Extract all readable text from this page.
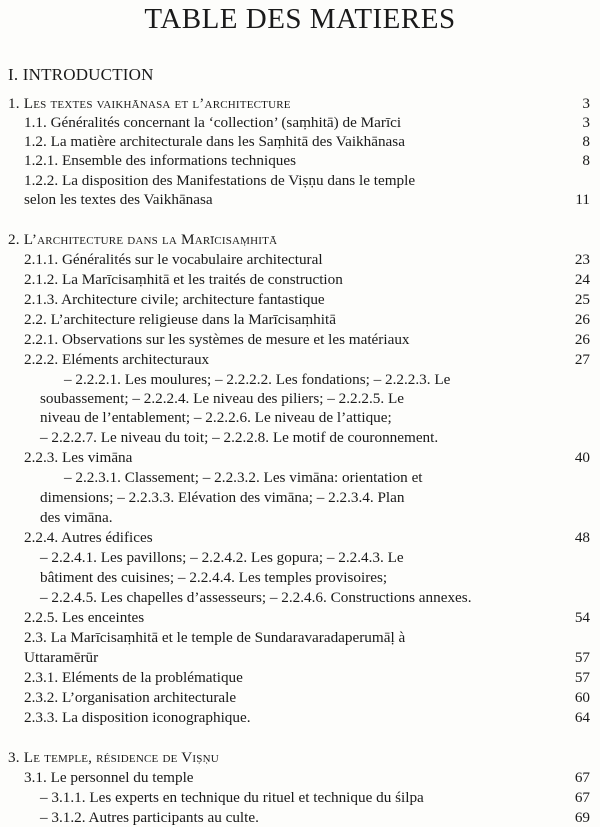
TABLE DES MATIERES
I. INTRODUCTION
1. Les textes vaikhānasa et l’architecture	3
1.1. Généralités concernant la ‘collection’ (saṃhitā) de Marīci	3
1.2. La matière architecturale dans les Saṃhitā des Vaikhānasa	8
1.2.1. Ensemble des informations techniques	8
1.2.2. La disposition des Manifestations de Viṣṇu dans le temple
selon les textes des Vaikhānasa	11
2. L’architecture dans la Marīcisaṃhitā
2.1.1. Généralités sur le vocabulaire architectural	23
2.1.2. La Marīcisaṃhitā et les traités de construction	24
2.1.3. Architecture civile; architecture fantastique	25
2.2. L’architecture religieuse dans la Marīcisaṃhitā	26
2.2.1. Observations sur les systèmes de mesure et les matériaux	26
2.2.2. Eléments architecturaux	27
– 2.2.2.1. Les moulures; – 2.2.2.2. Les fondations; – 2.2.2.3. Le
soubassement; – 2.2.2.4. Le niveau des piliers; – 2.2.2.5. Le
niveau de l’entablement; – 2.2.2.6. Le niveau de l’attique;
– 2.2.2.7. Le niveau du toit; – 2.2.2.8. Le motif de couronnement.
2.2.3. Les vimāna	40
– 2.2.3.1. Classement; – 2.2.3.2. Les vimāna: orientation et
dimensions; – 2.2.3.3. Elévation des vimāna; – 2.2.3.4. Plan
des vimāna.
2.2.4. Autres édifices	48
– 2.2.4.1. Les pavillons; – 2.2.4.2. Les gopura; – 2.2.4.3. Le
bâtiment des cuisines; – 2.2.4.4. Les temples provisoires;
– 2.2.4.5. Les chapelles d’assesseurs; – 2.2.4.6. Constructions annexes.
2.2.5. Les enceintes	54
2.3. La Marīcisaṃhitā et le temple de Sundaravaradaperumāḷ à
Uttaramērūr	57
2.3.1. Eléments de la problématique	57
2.3.2. L’organisation architecturale	60
2.3.3. La disposition iconographique.	64
3. Le temple, résidence de Viṣṇu
3.1. Le personnel du temple	67
– 3.1.1. Les experts en technique du rituel et technique du śilpa	67
– 3.1.2. Autres participants au culte.	69
